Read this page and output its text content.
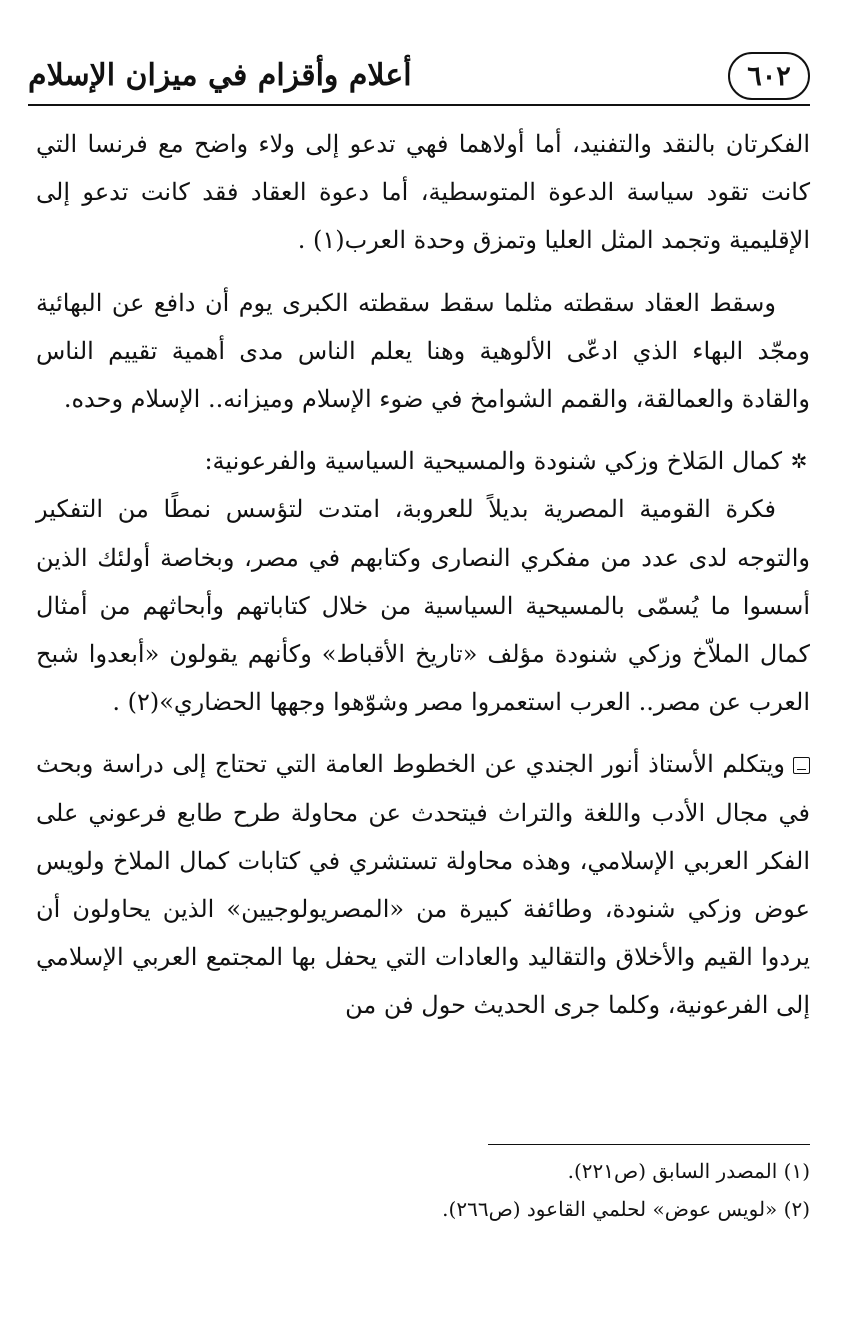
٦٠٢
أعلام وأقزام في ميزان الإسلام

الفكرتان بالنقد والتفنيد، أما أولاهما فهي تدعو إلى ولاء واضح مع فرنسا التي كانت تقود سياسة الدعوة المتوسطية، أما دعوة العقاد فقد كانت تدعو إلى الإقليمية وتجمد المثل العليا وتمزق وحدة العرب(١) .

وسقط العقاد سقطته مثلما سقط سقطته الكبرى يوم أن دافع عن البهائية ومجّد البهاء الذي ادعّى الألوهية وهنا يعلم الناس مدى أهمية تقييم الناس والقادة والعمالقة، والقمم الشوامخ في ضوء الإسلام وميزانه.. الإسلام وحده.

✲
كمال المَلاخ وزكي شنودة والمسيحية السياسية والفرعونية:

فكرة القومية المصرية بديلاً للعروبة، امتدت لتؤسس نمطًا من التفكير والتوجه لدى عدد من مفكري النصارى وكتابهم في مصر، وبخاصة أولئك الذين أسسوا ما يُسمّى بالمسيحية السياسية من خلال كتاباتهم وأبحاثهم من أمثال كمال الملاّخ وزكي شنودة مؤلف «تاريخ الأقباط» وكأنهم يقولون «أبعدوا شبح العرب عن مصر.. العرب استعمروا مصر وشوّهوا وجهها الحضاري»(٢) .

ويتكلم الأستاذ أنور الجندي عن الخطوط العامة التي تحتاج إلى دراسة وبحث في مجال الأدب واللغة والتراث فيتحدث عن محاولة طرح طابع فرعوني على الفكر العربي الإسلامي، وهذه محاولة تستشري في كتابات كمال الملاخ ولويس عوض وزكي شنودة، وطائفة كبيرة من «المصريولوجيين» الذين يحاولون أن يردوا القيم والأخلاق والتقاليد والعادات التي يحفل بها المجتمع العربي الإسلامي إلى الفرعونية، وكلما جرى الحديث حول فن من

(١) المصدر السابق (ص٢٢١).

(٢) «لويس عوض» لحلمي القاعود (ص٢٦٦).
